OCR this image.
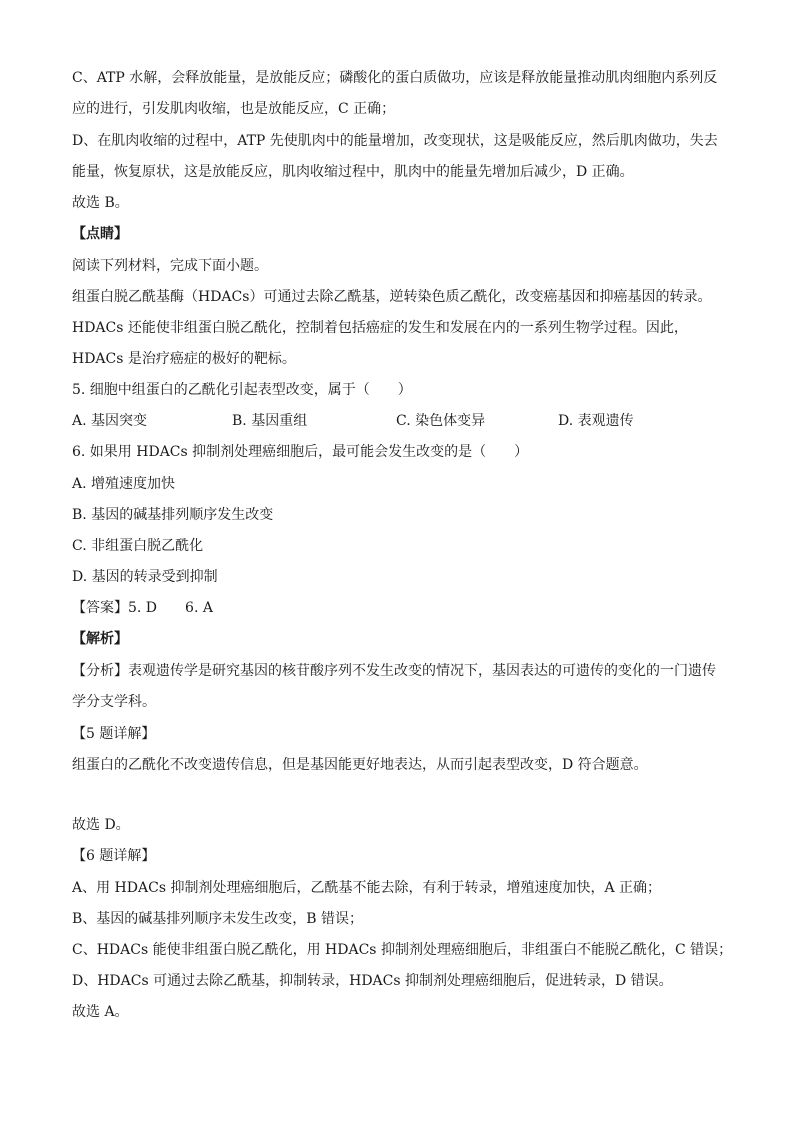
C、ATP 水解，会释放能量，是放能反应；磷酸化的蛋白质做功，应该是释放能量推动肌肉细胞内系列反
应的进行，引发肌肉收缩，也是放能反应，C 正确；
D、在肌肉收缩的过程中，ATP 先使肌肉中的能量增加，改变现状，这是吸能反应，然后肌肉做功，失去
能量，恢复原状，这是放能反应，肌肉收缩过程中，肌肉中的能量先增加后减少，D 正确。
故选 B。
【点睛】
阅读下列材料，完成下面小题。
组蛋白脱乙酰基酶（HDACs）可通过去除乙酰基，逆转染色质乙酰化，改变癌基因和抑癌基因的转录。
HDACs 还能使非组蛋白脱乙酰化，控制着包括癌症的发生和发展在内的一系列生物学过程。因此，
HDACs 是治疗癌症的极好的靶标。
5. 细胞中组蛋白的乙酰化引起表型改变，属于（　　）
A. 基因突变	B. 基因重组	C. 染色体变异	D. 表观遗传
6. 如果用 HDACs 抑制剂处理癌细胞后，最可能会发生改变的是（　　）
A. 增殖速度加快
B. 基因的碱基排列顺序发生改变
C. 非组蛋白脱乙酰化
D. 基因的转录受到抑制
【答案】5. D　　6. A
【解析】
【分析】表观遗传学是研究基因的核苷酸序列不发生改变的情况下，基因表达的可遗传的变化的一门遗传
学分支学科。
【5 题详解】
组蛋白的乙酰化不改变遗传信息，但是基因能更好地表达，从而引起表型改变，D 符合题意。
故选 D。
【6 题详解】
A、用 HDACs 抑制剂处理癌细胞后，乙酰基不能去除，有利于转录，增殖速度加快，A 正确；
B、基因的碱基排列顺序未发生改变，B 错误；
C、HDACs 能使非组蛋白脱乙酰化，用 HDACs 抑制剂处理癌细胞后，非组蛋白不能脱乙酰化，C 错误；
D、HDACs 可通过去除乙酰基，抑制转录，HDACs 抑制剂处理癌细胞后，促进转录，D 错误。
故选 A。
